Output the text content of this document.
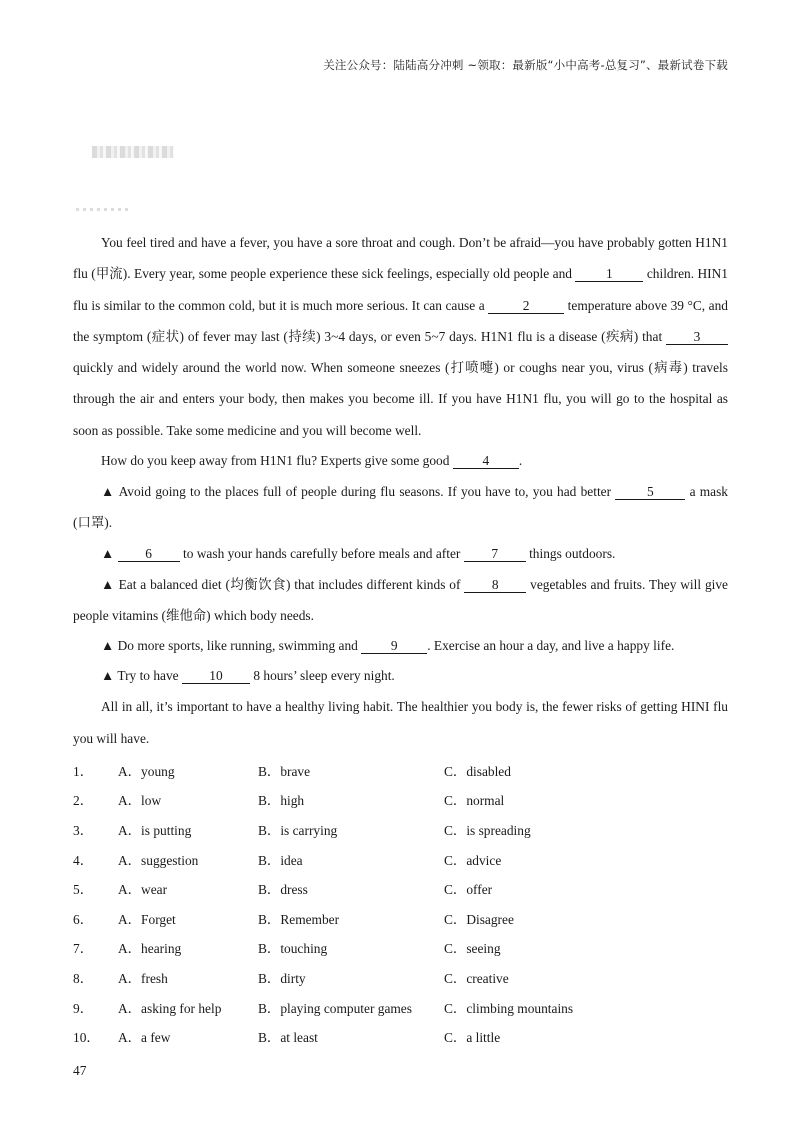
关注公众号：陆陆高分冲刺 ~领取：最新版“小中高考-总复习”、最新试卷下载

You feel tired and have a fever, you have a sore throat and cough. Don’t be afraid—you have probably gotten H1N1 flu (甲流). Every year, some people experience these sick feelings, especially old people and	1	children. HIN1 flu is similar to the common cold, but it is much more serious. It can cause a	2	temperature above 39 °C, and the symptom (症状) of fever may last (持续) 3~4 days, or even 5~7 days. H1N1 flu is a disease (疾病) that 3 quickly and widely around the world now. When someone sneezes (打喷嚏) or coughs near you, virus (病毒) travels through the air and enters your body, then makes you become ill. If you have H1N1 flu, you will go to the hospital as soon as possible. Take some medicine and you will become well.

How do you keep away from H1N1 flu? Experts give some good 4 .

▲ Avoid going to the places full of people during flu seasons. If you have to, you had better	5	a mask (口罩).

▲ 6 to wash your hands carefully before meals and after 7 things outdoors.

▲ Eat a balanced diet (均衡饮食) that includes different kinds of 8 vegetables and fruits. They will give people vitamins (维他命) which body needs.

▲ Do more sports, like running, swimming and 9 . Exercise an hour a day, and live a happy life.

▲ Try to have 10 8 hours’ sleep every night.

All in all, it’s important to have a healthy living habit. The healthier you body is, the fewer risks of getting HINI flu you will have.

1． A．young	B．brave	C．disabled
2． A．low	B．high	C．normal
3． A．is putting	B．is carrying	C．is spreading
4． A．suggestion	B．idea	C．advice
5． A．wear	B．dress	C．offer
6． A．Forget	B．Remember	C．Disagree
7． A．hearing	B．touching	C．seeing
8． A．fresh	B．dirty	C．creative
9． A．asking for help	B．playing computer games C．climbing mountains
10． A．a few	B．at least	C．a little
47
